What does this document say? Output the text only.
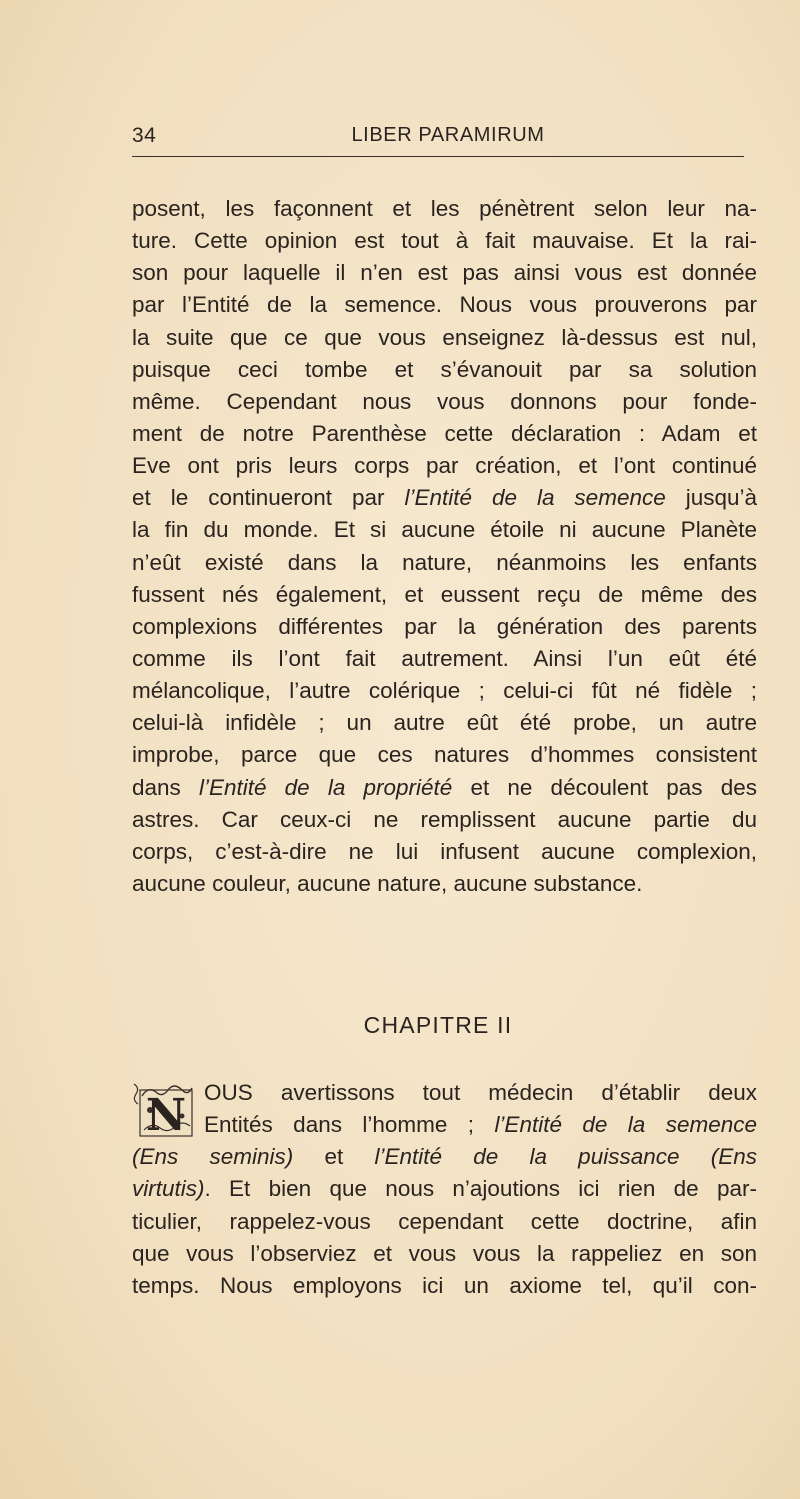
34	LIBER PARAMIRUM
posent, les façonnent et les pénètrent selon leur na-
ture. Cette opinion est tout à fait mauvaise. Et la rai-
son pour laquelle il n’en est pas ainsi vous est donnée
par l’Entité de la semence. Nous vous prouverons par
la suite que ce que vous enseignez là-dessus est nul,
puisque ceci tombe et s’évanouit par sa solution
même. Cependant nous vous donnons pour fonde-
ment de notre Parenthèse cette déclaration : Adam et
Eve ont pris leurs corps par création, et l’ont continué
et le continueront par l’Entité de la semence jusqu’à
la fin du monde. Et si aucune étoile ni aucune Planète
n’eût existé dans la nature, néanmoins les enfants
fussent nés également, et eussent reçu de même des
complexions différentes par la génération des parents
comme ils l’ont fait autrement. Ainsi l’un eût été
mélancolique, l’autre colérique ; celui-ci fût né fidèle ;
celui-là infidèle ; un autre eût été probe, un autre
improbe, parce que ces natures d’hommes consistent
dans l’Entité de la propriété et ne découlent pas des
astres. Car ceux-ci ne remplissent aucune partie du
corps, c’est-à-dire ne lui infusent aucune complexion,
aucune couleur, aucune nature, aucune substance.
CHAPITRE II
N OUS avertissons tout médecin d’établir deux
Entités dans l’homme ; l’Entité de la semence
(Ens seminis) et l’Entité de la puissance (Ens
virtutis). Et bien que nous n’ajoutions ici rien de par-
ticulier, rappelez-vous cependant cette doctrine, afin
que vous l’observiez et vous vous la rappeliez en son
temps. Nous employons ici un axiome tel, qu’il con-
